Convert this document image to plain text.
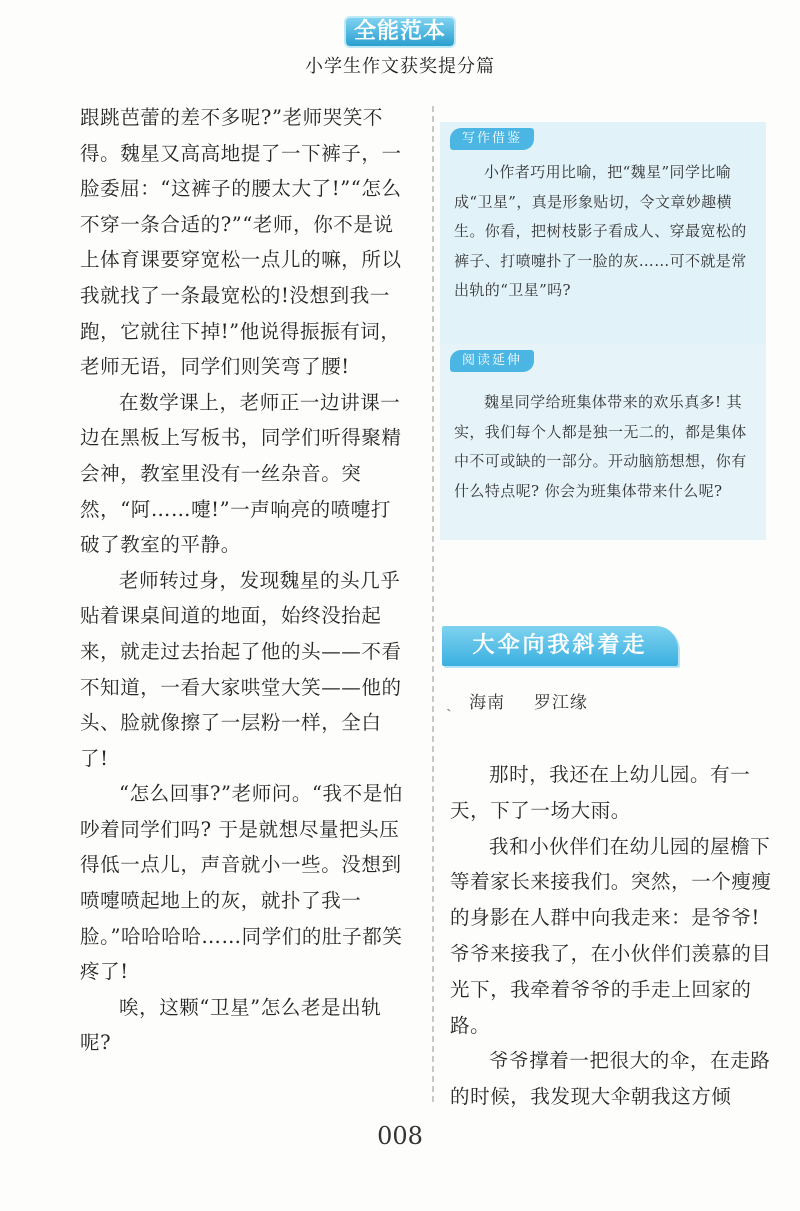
全能范本
小学生作文获奖提分篇

跟跳芭蕾的差不多呢?”老师哭笑不得。魏星又高高地提了一下裤子，一脸委屈：“这裤子的腰太大了!”“怎么不穿一条合适的?”“老师，你不是说上体育课要穿宽松一点儿的嘛，所以我就找了一条最宽松的!没想到我一跑，它就往下掉!”他说得振振有词，老师无语，同学们则笑弯了腰!

在数学课上，老师正一边讲课一边在黑板上写板书，同学们听得聚精会神，教室里没有一丝杂音。突然，“阿……嚏!”一声响亮的喷嚏打破了教室的平静。

老师转过身，发现魏星的头几乎贴着课桌间道的地面，始终没抬起来，就走过去抬起了他的头——不看不知道，一看大家哄堂大笑——他的头、脸就像擦了一层粉一样，全白了!

“怎么回事?”老师问。“我不是怕吵着同学们吗? 于是就想尽量把头压得低一点儿，声音就小一些。没想到喷嚏喷起地上的灰，就扑了我一脸。”哈哈哈哈……同学们的肚子都笑疼了!

唉，这颗“卫星”怎么老是出轨呢?

写作借鉴

小作者巧用比喻，把“魏星”同学比喻成“卫星”，真是形象贴切，令文章妙趣横生。你看，把树枝影子看成人、穿最宽松的裤子、打喷嚏扑了一脸的灰……可不就是常出轨的“卫星”吗?

阅读延伸

魏星同学给班集体带来的欢乐真多! 其实，我们每个人都是独一无二的，都是集体中不可或缺的一部分。开动脑筋想想，你有什么特点呢? 你会为班集体带来什么呢?

大伞向我斜着走
ˎ 海南 罗江缘

那时，我还在上幼儿园。有一天，下了一场大雨。

我和小伙伴们在幼儿园的屋檐下等着家长来接我们。突然，一个瘦瘦的身影在人群中向我走来：是爷爷! 爷爷来接我了，在小伙伴们羡慕的目光下，我牵着爷爷的手走上回家的路。

爷爷撑着一把很大的伞，在走路的时候，我发现大伞朝我这方倾

008
